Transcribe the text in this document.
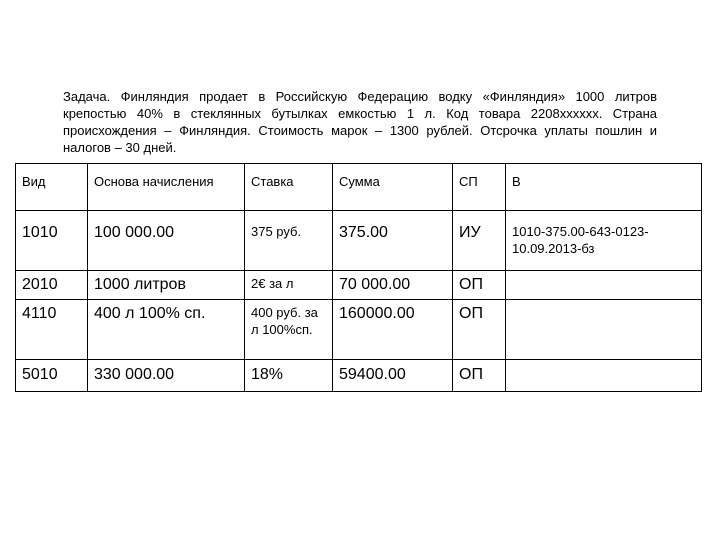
Задача. Финляндия продает в Российскую Федерацию водку «Финляндия» 1000 литров крепостью 40% в стеклянных бутылках емкостью 1 л. Код товара 2208хххххх. Страна происхождения – Финляндия. Стоимость марок – 1300 рублей. Отсрочка уплаты пошлин и налогов – 30 дней.
Вид	Основа начисления	Ставка	Сумма	СП	В
1010	100 000.00	375 руб.	375.00	ИУ	1010-375.00-643-0123-10.09.2013-бз
2010	1000 литров	2€ за л	70 000.00	ОП	
4110	400 л 100% сп.	400 руб. за л 100%сп.	160000.00	ОП	
5010	330 000.00	18%	59400.00	ОП	
